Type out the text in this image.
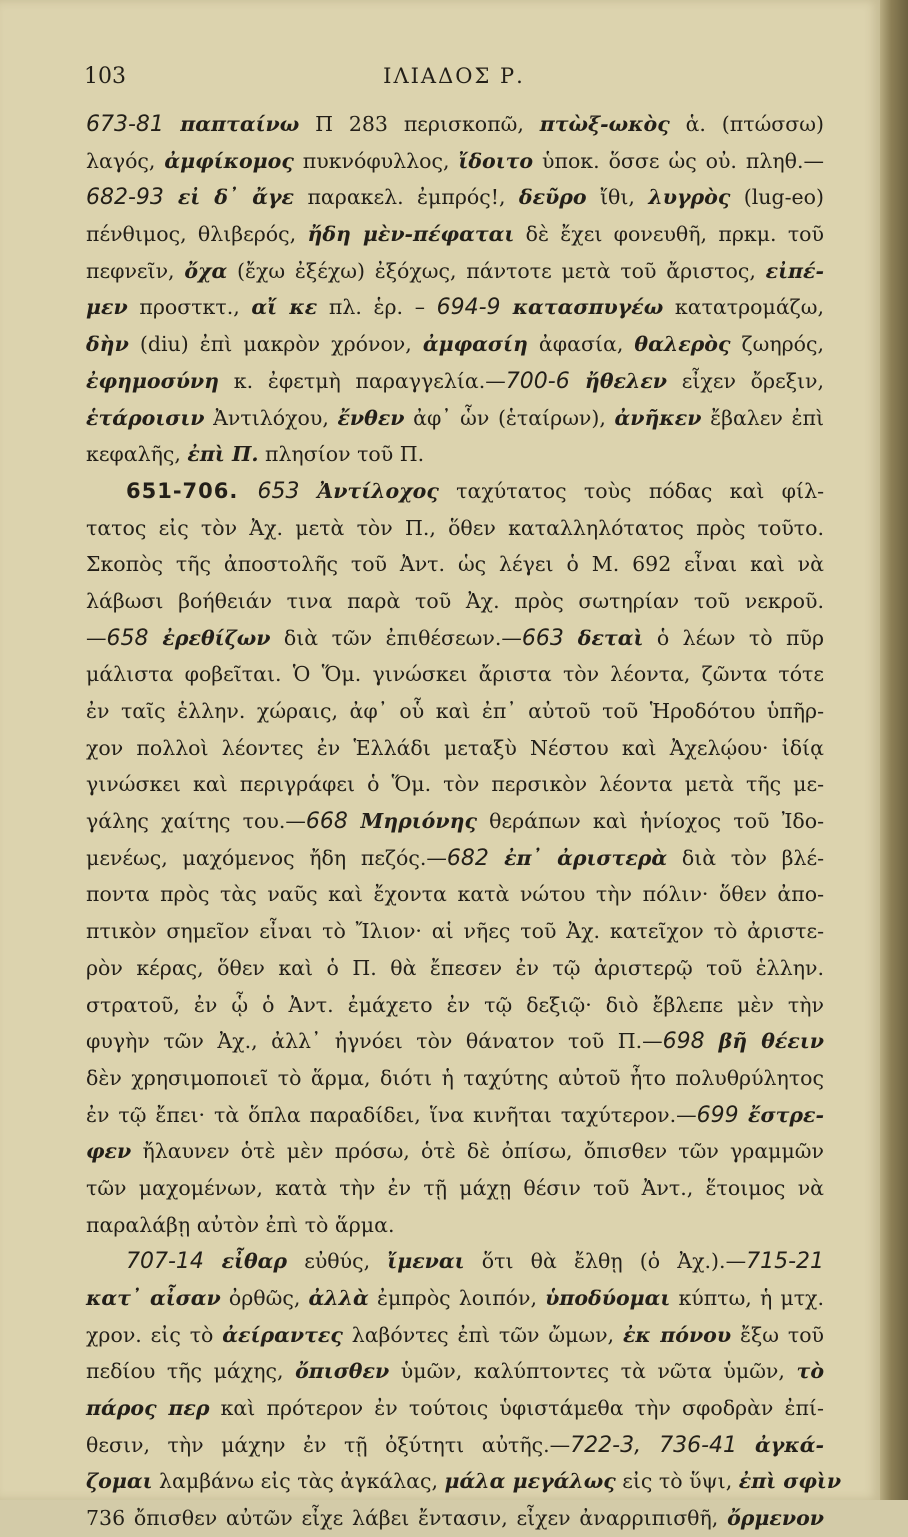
103	ΙΛΙΑΔΟΣ Ρ.
673-81 παπταίνω Π 283 περισκοπῶ, πτὼξ-ωκὸς ἁ. (πτώσσω)
λαγός, ἀμφίκομος πυκνόφυλλος, ἴδοιτο ὑποκ. ὅσσε ὡς οὐ. πληθ.—
682-93 εἰ δ᾽ ἄγε παρακελ. ἐμπρός!, δεῦρο ἴθι, λυγρὸς (lug-eo)
πένθιμος, θλιβερός, ἤδη μὲν-πέφαται δὲ ἔχει φονευθῆ, πρκμ. τοῦ
πεφνεῖν, ὄχα (ἔχω ἐξέχω) ἐξόχως, πάντοτε μετὰ τοῦ ἄριστος, εἰπέ-
μεν προστκτ., αἴ κε πλ. ἑρ. – 694-9 κατασπυγέω κατατρομάζω,
δὴν (diu) ἐπὶ μακρὸν χρόνον, ἀμφασίη ἀφασία, θαλερὸς ζωηρός,
ἐφημοσύνη κ. ἐφετμὴ παραγγελία.—700-6 ἤθελεν εἶχεν ὄρεξιν,
ἑτάροισιν Ἀντιλόχου, ἔνθεν ἀφ᾽ ὧν (ἑταίρων), ἀνῆκεν ἔβαλεν ἐπὶ
κεφαλῆς, ἐπὶ Π. πλησίον τοῦ Π.
651-706. 653 Ἀντίλοχος ταχύτατος τοὺς πόδας καὶ φίλ-
τατος εἰς τὸν Ἀχ. μετὰ τὸν Π., ὅθεν καταλληλότατος πρὸς τοῦτο.
Σκοπὸς τῆς ἀποστολῆς τοῦ Ἀντ. ὡς λέγει ὁ Μ. 692 εἶναι καὶ νὰ
λάβωσι βοήθειάν τινα παρὰ τοῦ Ἀχ. πρὸς σωτηρίαν τοῦ νεκροῦ.
—658 ἐρεθίζων διὰ τῶν ἐπιθέσεων.—663 δεταὶ ὁ λέων τὸ πῦρ
μάλιστα φοβεῖται. Ὁ Ὅμ. γινώσκει ἄριστα τὸν λέοντα, ζῶντα τότε
ἐν ταῖς ἑλλην. χώραις, ἀφ᾽ οὗ καὶ ἐπ᾽ αὐτοῦ τοῦ Ἡροδότου ὑπῆρ-
χον πολλοὶ λέοντες ἐν Ἑλλάδι μεταξὺ Νέστου καὶ Ἀχελῴου· ἰδίᾳ
γινώσκει καὶ περιγράφει ὁ Ὅμ. τὸν περσικὸν λέοντα μετὰ τῆς με-
γάλης χαίτης του.—668 Μηριόνης θεράπων καὶ ἡνίοχος τοῦ Ἰδο-
μενέως, μαχόμενος ἤδη πεζός.—682 ἐπ᾽ ἀριστερὰ διὰ τὸν βλέ-
ποντα πρὸς τὰς ναῦς καὶ ἔχοντα κατὰ νώτου τὴν πόλιν· ὅθεν ἀπο-
πτικὸν σημεῖον εἶναι τὸ Ἴλιον· αἱ νῆες τοῦ Ἀχ. κατεῖχον τὸ ἀριστε-
ρὸν κέρας, ὅθεν καὶ ὁ Π. θὰ ἔπεσεν ἐν τῷ ἀριστερῷ τοῦ ἑλλην.
στρατοῦ, ἐν ᾧ ὁ Ἀντ. ἐμάχετο ἐν τῷ δεξιῷ· διὸ ἔβλεπε μὲν τὴν
φυγὴν τῶν Ἀχ., ἀλλ᾽ ἠγνόει τὸν θάνατον τοῦ Π.—698 βῆ θέειν
δὲν χρησιμοποιεῖ τὸ ἅρμα, διότι ἡ ταχύτης αὐτοῦ ἦτο πολυθρύλητος
ἐν τῷ ἔπει· τὰ ὅπλα παραδίδει, ἵνα κινῆται ταχύτερον.—699 ἔστρε-
φεν ἤλαυνεν ὁτὲ μὲν πρόσω, ὁτὲ δὲ ὀπίσω, ὄπισθεν τῶν γραμμῶν
τῶν μαχομένων, κατὰ τὴν ἐν τῇ μάχῃ θέσιν τοῦ Ἀντ., ἕτοιμος νὰ
παραλάβῃ αὐτὸν ἐπὶ τὸ ἅρμα.
707-14 εἶθαρ εὐθύς, ἴμεναι ὅτι θὰ ἔλθῃ (ὁ Ἀχ.).—715-21
κατ᾽ αἶσαν ὀρθῶς, ἀλλὰ ἐμπρὸς λοιπόν, ὑποδύομαι κύπτω, ἡ μτχ.
χρον. εἰς τὸ ἀείραντες λαβόντες ἐπὶ τῶν ὤμων, ἐκ πόνου ἔξω τοῦ
πεδίου τῆς μάχης, ὄπισθεν ὑμῶν, καλύπτοντες τὰ νῶτα ὑμῶν, τὸ
πάρος περ καὶ πρότερον ἐν τούτοις ὑφιστάμεθα τὴν σφοδρὰν ἐπί-
θεσιν, τὴν μάχην ἐν τῇ ὀξύτητι αὐτῆς.—722-3, 736-41 ἀγκά-
ζομαι λαμβάνω εἰς τὰς ἀγκάλας, μάλα μεγάλως εἰς τὸ ὕψι, ἐπὶ σφὶν
736 ὄπισθεν αὐτῶν εἶχε λάβει ἔντασιν, εἶχεν ἀναρριπισθῆ, ὄρμενον
